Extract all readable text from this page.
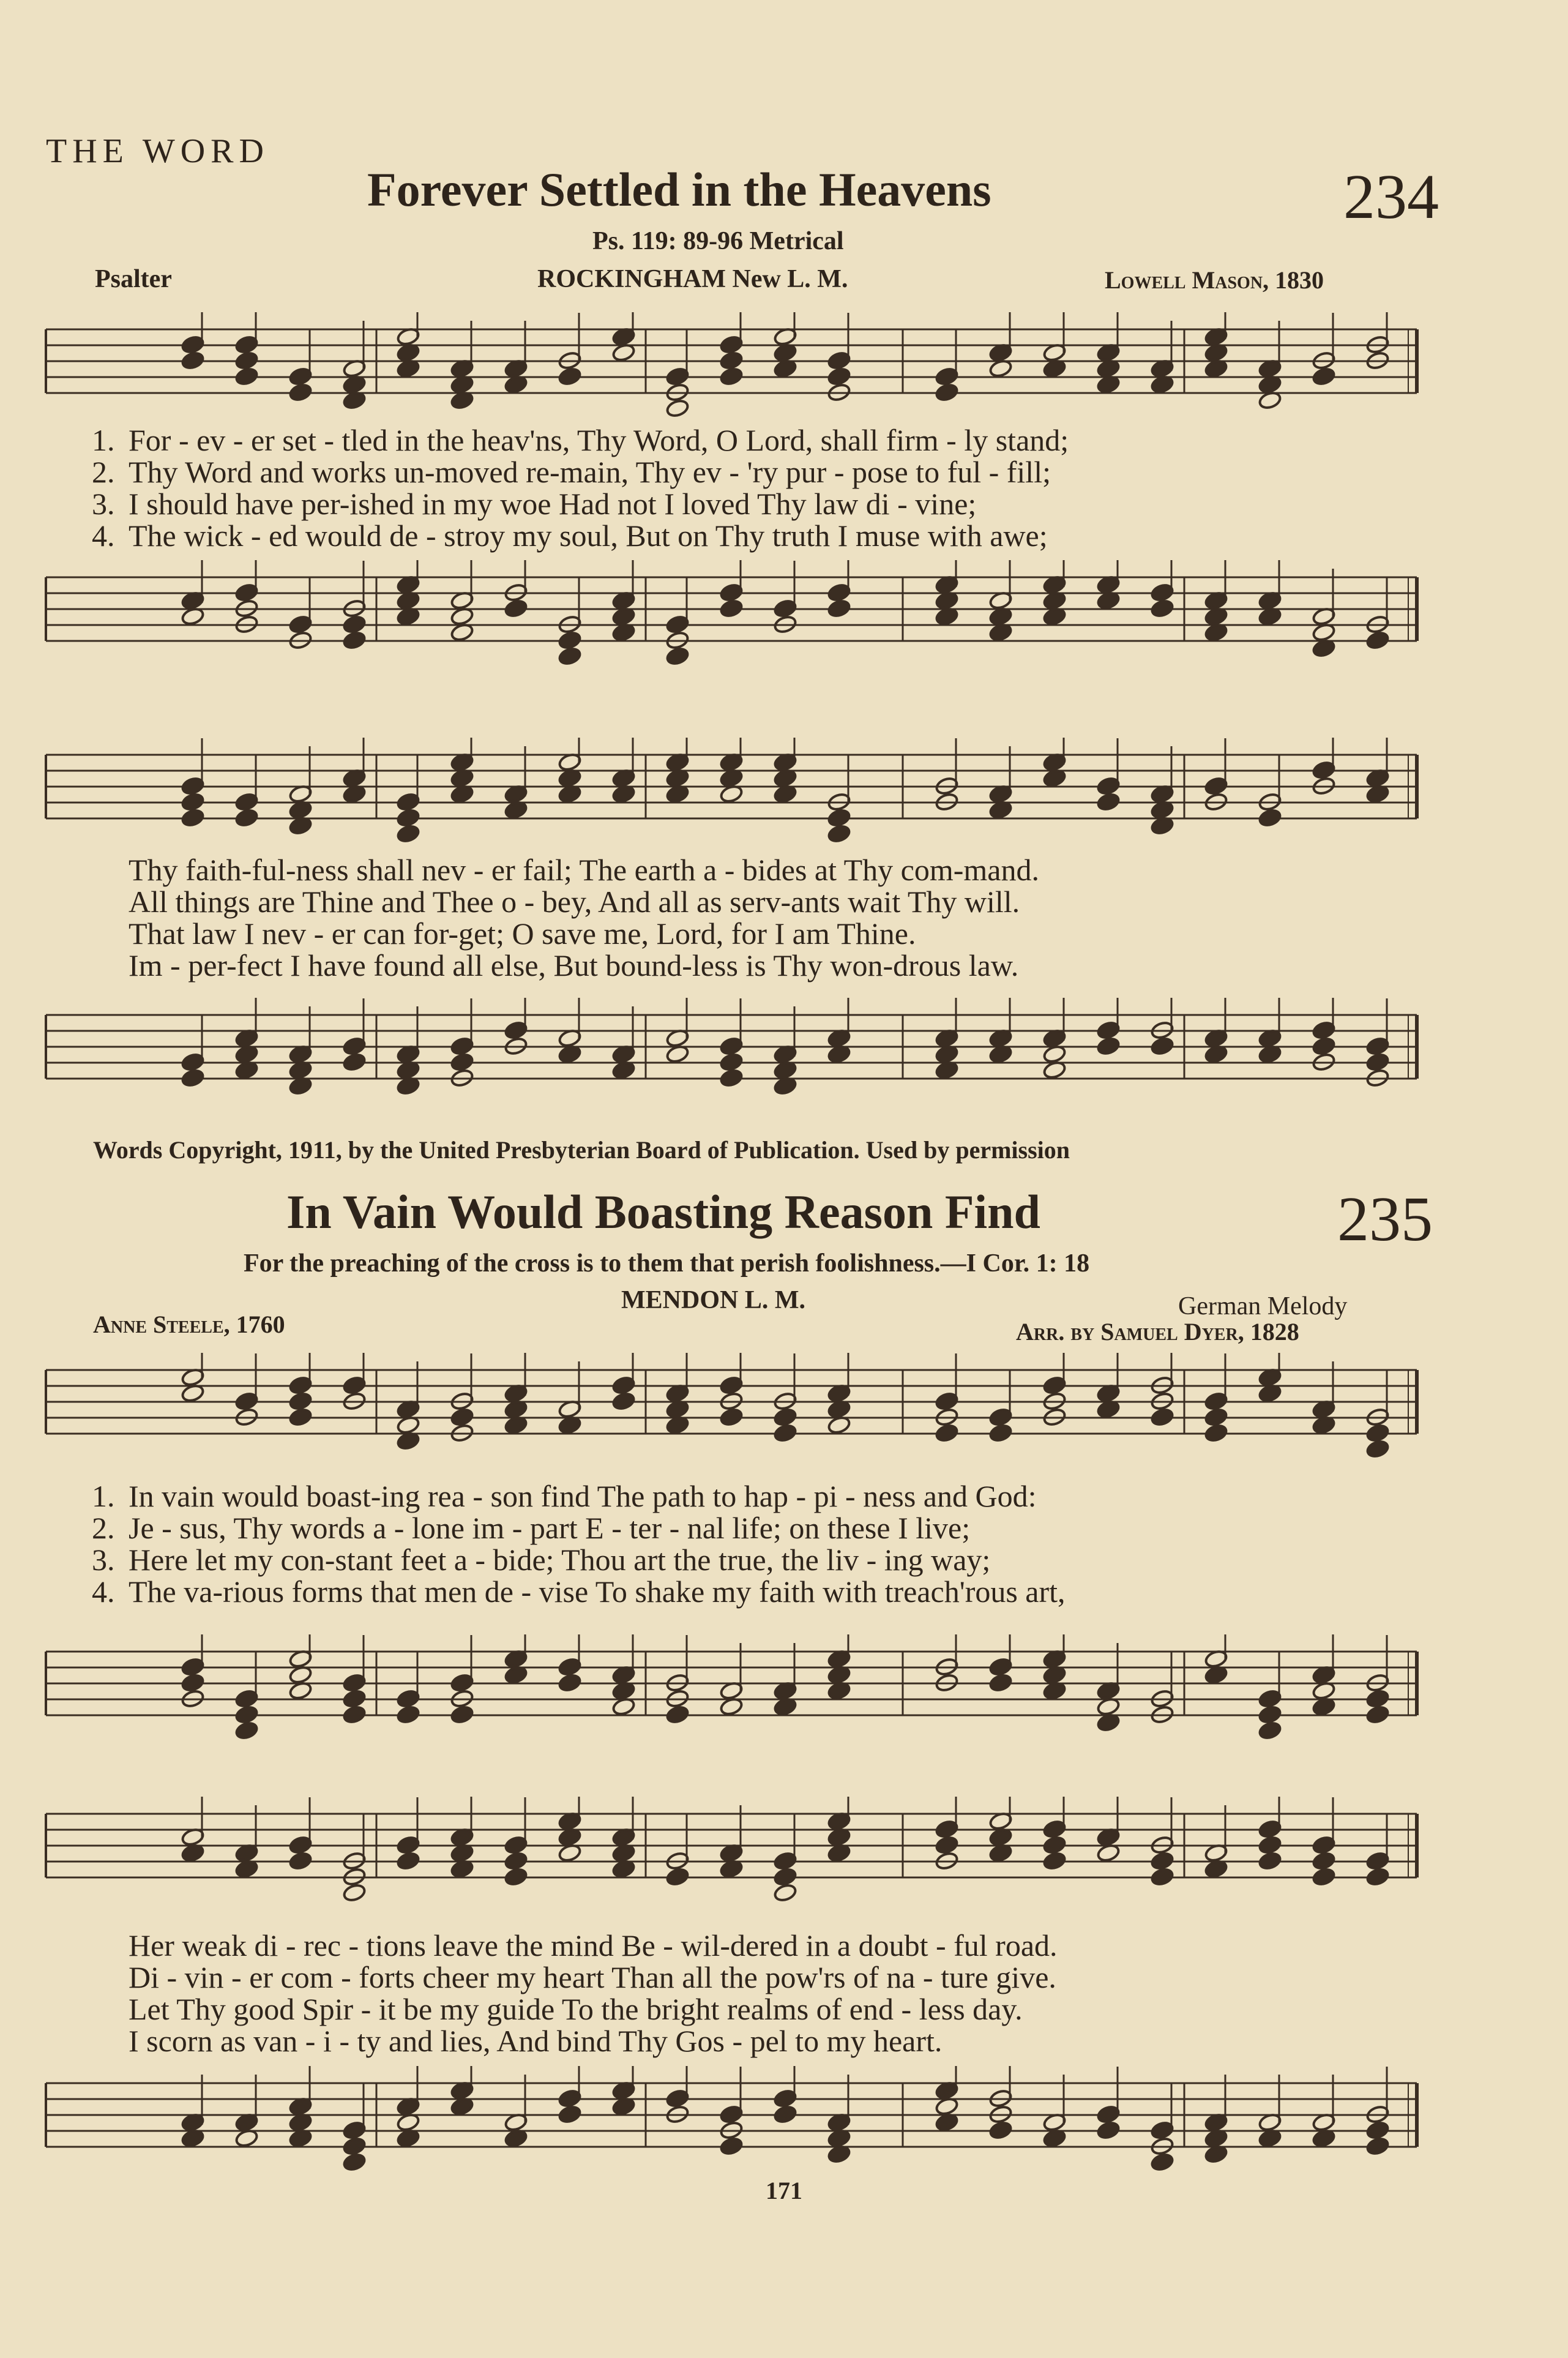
THE WORD
Forever Settled in the Heavens	234
Ps. 119: 89-96 Metrical
Psalter	ROCKINGHAM New L. M.	Lowell Mason, 1830
1. For - ev - er set - tled in the heav'ns, Thy Word, O Lord, shall firm - ly stand;
2. Thy Word and works un-moved re-main, Thy ev - 'ry pur - pose to ful - fill;
3. I should have per-ished in my woe Had not I loved Thy law di - vine;
4. The wick - ed would de - stroy my soul, But on Thy truth I muse with awe;
Thy faith-ful-ness shall nev - er fail; The earth a - bides at Thy com-mand.
All things are Thine and Thee o - bey, And all as serv-ants wait Thy will.
That law I nev - er can for-get; O save me, Lord, for I am Thine.
Im - per-fect I have found all else, But bound-less is Thy won-drous law.
Words Copyright, 1911, by the United Presbyterian Board of Publication. Used by permission
In Vain Would Boasting Reason Find	235
For the preaching of the cross is to them that perish foolishness.—I Cor. 1: 18
MENDON L. M.
Anne Steele, 1760
German Melody
Arr. by Samuel Dyer, 1828
1. In vain would boast-ing rea - son find The path to hap - pi - ness and God:
2. Je - sus, Thy words a - lone im - part E - ter - nal life; on these I live;
3. Here let my con-stant feet a - bide; Thou art the true, the liv - ing way;
4. The va-rious forms that men de - vise To shake my faith with treach'rous art,
Her weak di - rec - tions leave the mind Be - wil-dered in a doubt - ful road.
Di - vin - er com - forts cheer my heart Than all the pow'rs of na - ture give.
Let Thy good Spir - it be my guide To the bright realms of end - less day.
I scorn as van - i - ty and lies, And bind Thy Gos - pel to my heart.
171
